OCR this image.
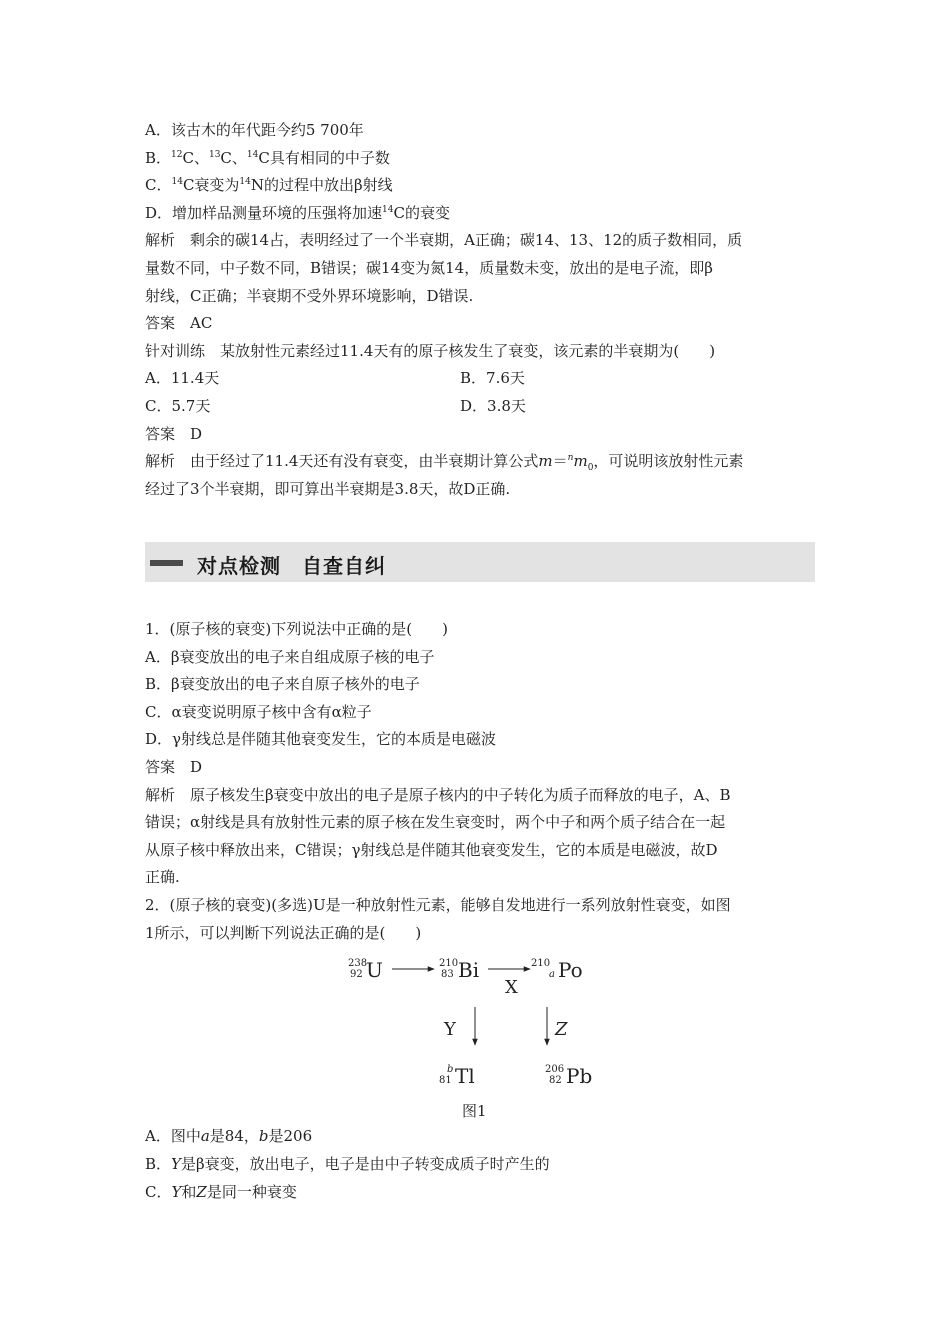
A．该古木的年代距今约5 700年
B．$^{12}$C、$^{13}$C、$^{14}$C具有相同的中子数
C．$^{14}$C衰变为$^{14}$N的过程中放出β射线
D．增加样品测量环境的压强将加速$^{14}$C的衰变
解析　剩余的碳14占，表明经过了一个半衰期，A正确；碳14、13、12的质子数相同，质
量数不同，中子数不同，B错误；碳14变为氮14，质量数未变，放出的是电子流，即β
射线，C正确；半衰期不受外界环境影响，D错误.
答案　AC
针对训练　某放射性元素经过11.4天有的原子核发生了衰变，该元素的半衰期为(　　)
A．11.4天	B．7.6天
C．5.7天	D．3.8天
答案　D
解析　由于经过了11.4天还有没有衰变，由半衰期计算公式$m=^nm_0$，可说明该放射性元素
经过了3个半衰期，即可算出半衰期是3.8天，故D正确.
对点检测　自查自纠
1．(原子核的衰变)下列说法中正确的是(　　)
A．β衰变放出的电子来自组成原子核的电子
B．β衰变放出的电子来自原子核外的电子
C．α衰变说明原子核中含有α粒子
D．γ射线总是伴随其他衰变发生，它的本质是电磁波
答案　D
解析　原子核发生β衰变中放出的电子是原子核内的中子转化为质子而释放的电子，A、B
错误；α射线是具有放射性元素的原子核在发生衰变时，两个中子和两个质子结合在一起
从原子核中释放出来，C错误；γ射线总是伴随其他衰变发生，它的本质是电磁波，故D
正确.
2．(原子核的衰变)(多选)U是一种放射性元素，能够自发地进行一系列放射性衰变，如图
1所示，可以判断下列说法正确的是(　　)
238
92 U	210
83 Bi
X
210
a Po
Y	Z
b
81 Tl	206
82 Pb
图1
A．图中a是84，b是206
B．Y是β衰变，放出电子，电子是由中子转变成质子时产生的
C．Y和Z是同一种衰变
